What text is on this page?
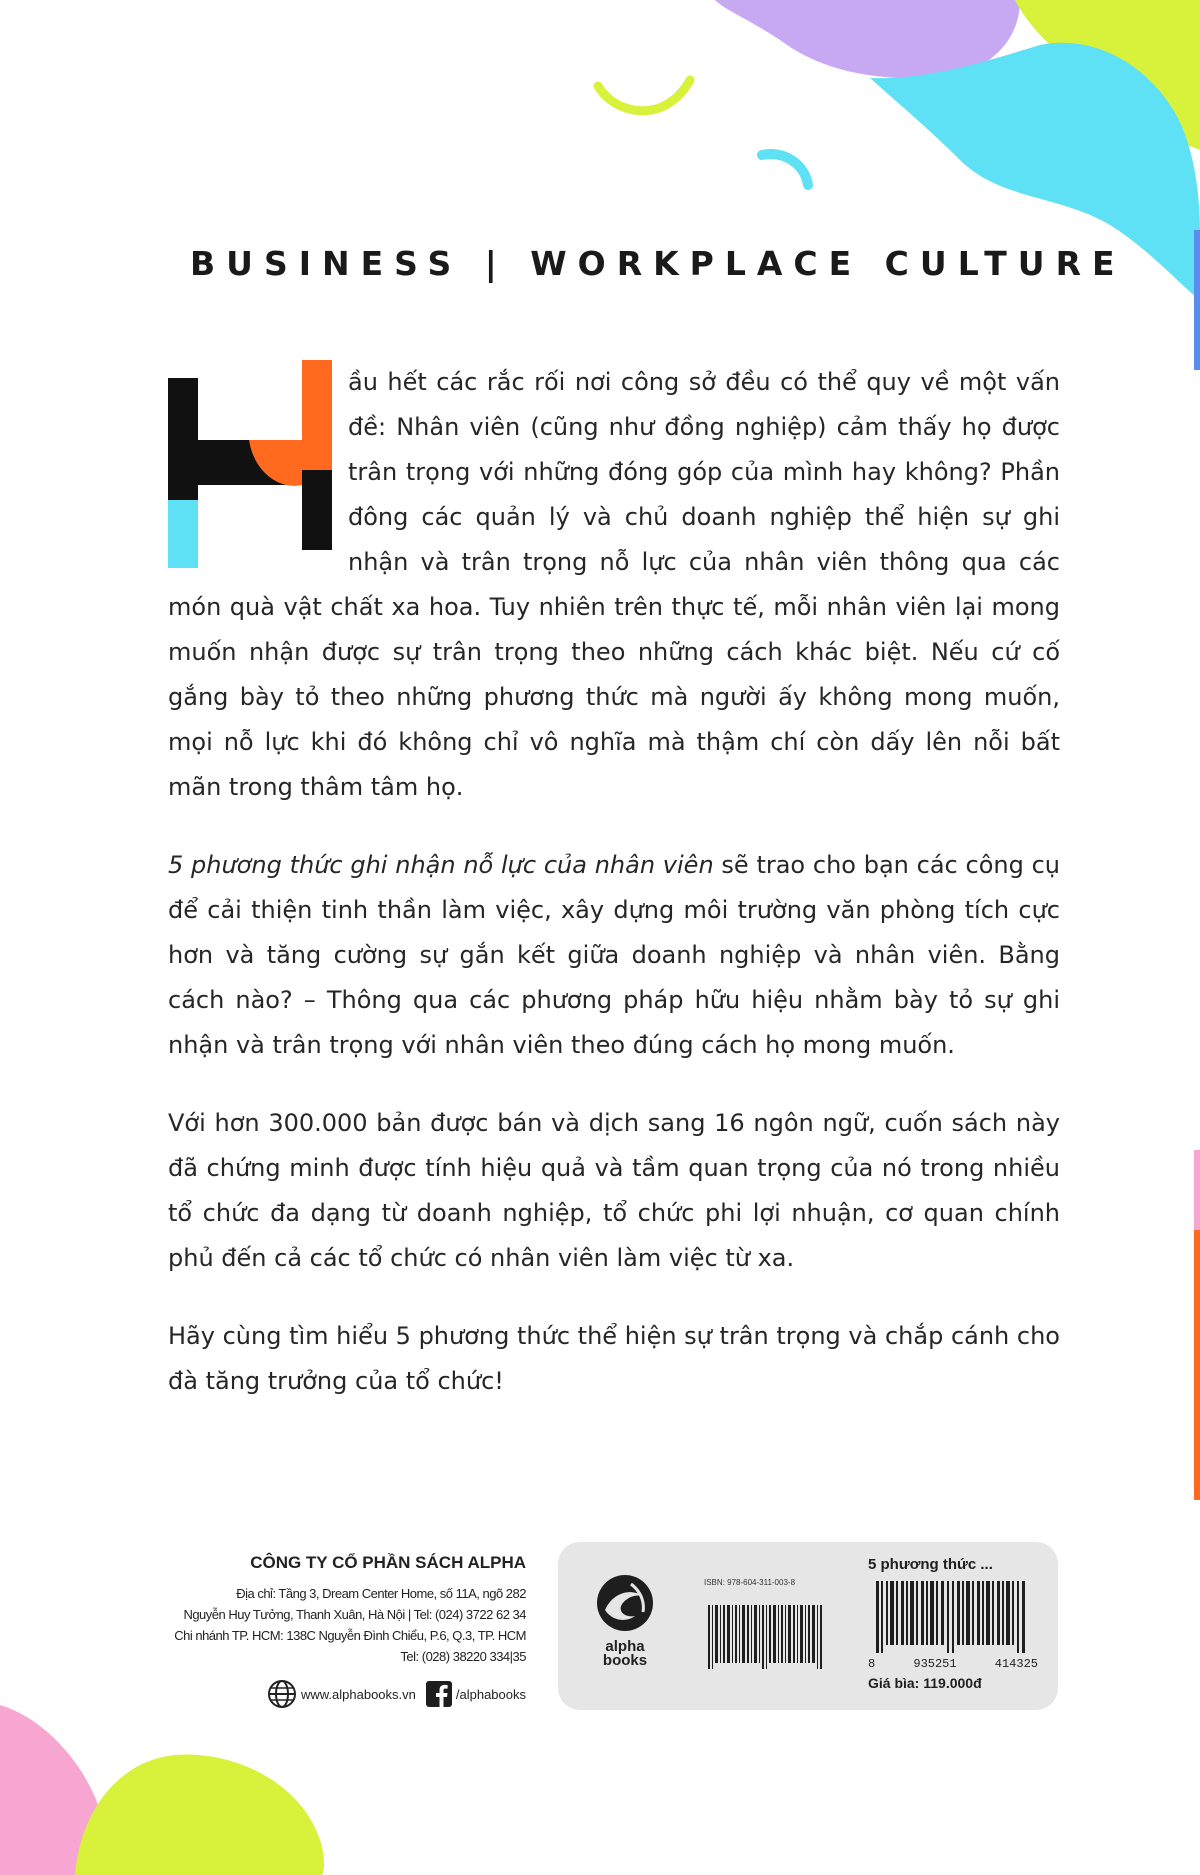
BUSINESS | WORKPLACE CULTURE

ầu hết các rắc rối nơi công sở đều có thể quy về một vấn đề: Nhân viên (cũng như đồng nghiệp) cảm thấy họ được trân trọng với những đóng góp của mình hay không? Phần đông các quản lý và chủ doanh nghiệp thể hiện sự ghi nhận và trân trọng nỗ lực của nhân viên thông qua các món quà vật chất xa hoa. Tuy nhiên trên thực tế, mỗi nhân viên lại mong muốn nhận được sự trân trọng theo những cách khác biệt. Nếu cứ cố gắng bày tỏ theo những phương thức mà người ấy không mong muốn, mọi nỗ lực khi đó không chỉ vô nghĩa mà thậm chí còn dấy lên nỗi bất mãn trong thâm tâm họ.

5 phương thức ghi nhận nỗ lực của nhân viên sẽ trao cho bạn các công cụ để cải thiện tinh thần làm việc, xây dựng môi trường văn phòng tích cực hơn và tăng cường sự gắn kết giữa doanh nghiệp và nhân viên. Bằng cách nào? – Thông qua các phương pháp hữu hiệu nhằm bày tỏ sự ghi nhận và trân trọng với nhân viên theo đúng cách họ mong muốn.

Với hơn 300.000 bản được bán và dịch sang 16 ngôn ngữ, cuốn sách này đã chứng minh được tính hiệu quả và tầm quan trọng của nó trong nhiều tổ chức đa dạng từ doanh nghiệp, tổ chức phi lợi nhuận, cơ quan chính phủ đến cả các tổ chức có nhân viên làm việc từ xa.

Hãy cùng tìm hiểu 5 phương thức thể hiện sự trân trọng và chắp cánh cho đà tăng trưởng của tổ chức!

CÔNG TY CỔ PHẦN SÁCH ALPHA
Địa chỉ: Tầng 3, Dream Center Home, số 11A, ngõ 282
Nguyễn Huy Tưởng, Thanh Xuân, Hà Nội | Tel: (024) 3722 62 34
Chi nhánh TP. HCM: 138C Nguyễn Đình Chiểu, P.6, Q.3, TP. HCM
Tel: (028) 38220 334|35
www.alphabooks.vn	/alphabooks
alpha books
ISBN: 978-604-311-003-8
5 phương thức ...
8	935251	414325
Giá bìa: 119.000đ
